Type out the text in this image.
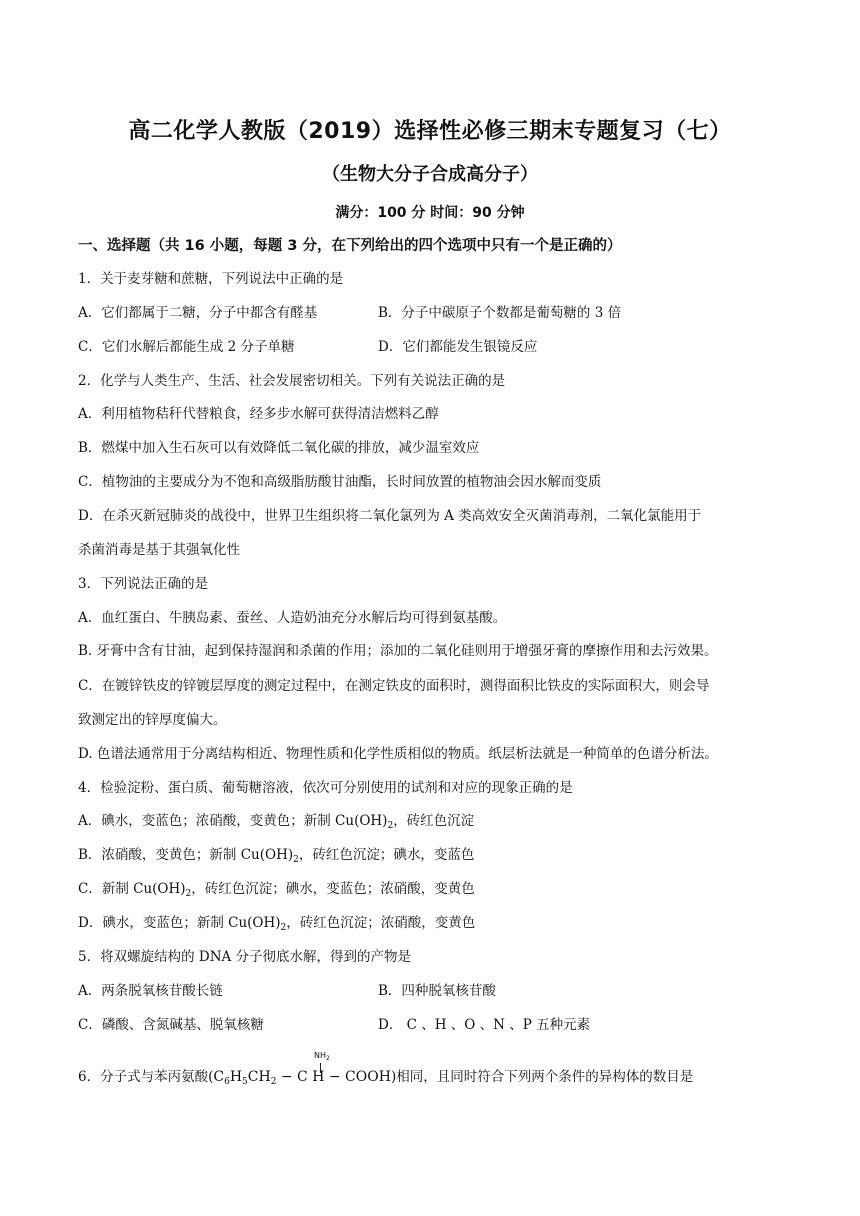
高二化学人教版（2019）选择性必修三期末专题复习（七）
（生物大分子合成高分子）
满分：100 分 时间：90 分钟
一、选择题（共 16 小题，每题 3 分，在下列给出的四个选项中只有一个是正确的）
1．关于麦芽糖和蔗糖，下列说法中正确的是
A．它们都属于二糖，分子中都含有醛基	B．分子中碳原子个数都是葡萄糖的 3 倍
C．它们水解后都能生成 2 分子单糖	D．它们都能发生银镜反应
2．化学与人类生产、生活、社会发展密切相关。下列有关说法正确的是
A．利用植物秸秆代替粮食，经多步水解可获得清洁燃料乙醇
B．燃煤中加入生石灰可以有效降低二氧化碳的排放，减少温室效应
C．植物油的主要成分为不饱和高级脂肪酸甘油酯，长时间放置的植物油会因水解而变质
D．在杀灭新冠肺炎的战役中，世界卫生组织将二氧化氯列为 A 类高效安全灭菌消毒剂，二氧化氯能用于
杀菌消毒是基于其强氧化性
3．下列说法正确的是
A．血红蛋白、牛胰岛素、蚕丝、人造奶油充分水解后均可得到氨基酸。
B. 牙膏中含有甘油，起到保持湿润和杀菌的作用；添加的二氧化硅则用于增强牙膏的摩擦作用和去污效果。
C．在镀锌铁皮的锌镀层厚度的测定过程中，在测定铁皮的面积时，测得面积比铁皮的实际面积大，则会导
致测定出的锌厚度偏大。
D. 色谱法通常用于分离结构相近、物理性质和化学性质相似的物质。纸层析法就是一种简单的色谱分析法。
4．检验淀粉、蛋白质、葡萄糖溶液，依次可分别使用的试剂和对应的现象正确的是
A．碘水，变蓝色；浓硝酸，变黄色；新制 $Cu(OH)_2$，砖红色沉淀
B．浓硝酸，变黄色；新制 $Cu(OH)_2$，砖红色沉淀；碘水，变蓝色
C．新制 $Cu(OH)_2$，砖红色沉淀；碘水，变蓝色；浓硝酸，变黄色
D．碘水，变蓝色；新制 $Cu(OH)_2$，砖红色沉淀；浓硝酸，变黄色
5．将双螺旋结构的 DNA 分子彻底水解，得到的产物是
A．两条脱氧核苷酸长链	B．四种脱氧核苷酸
C．磷酸、含氮碱基、脱氧核糖	D． C 、H 、O 、N 、P 五种元素
$NH_2$
6．分子式与苯丙氨酸($C_6H_5CH_2 - C$ H − COOH)相同，且同时符合下列两个条件的异构体的数目是
